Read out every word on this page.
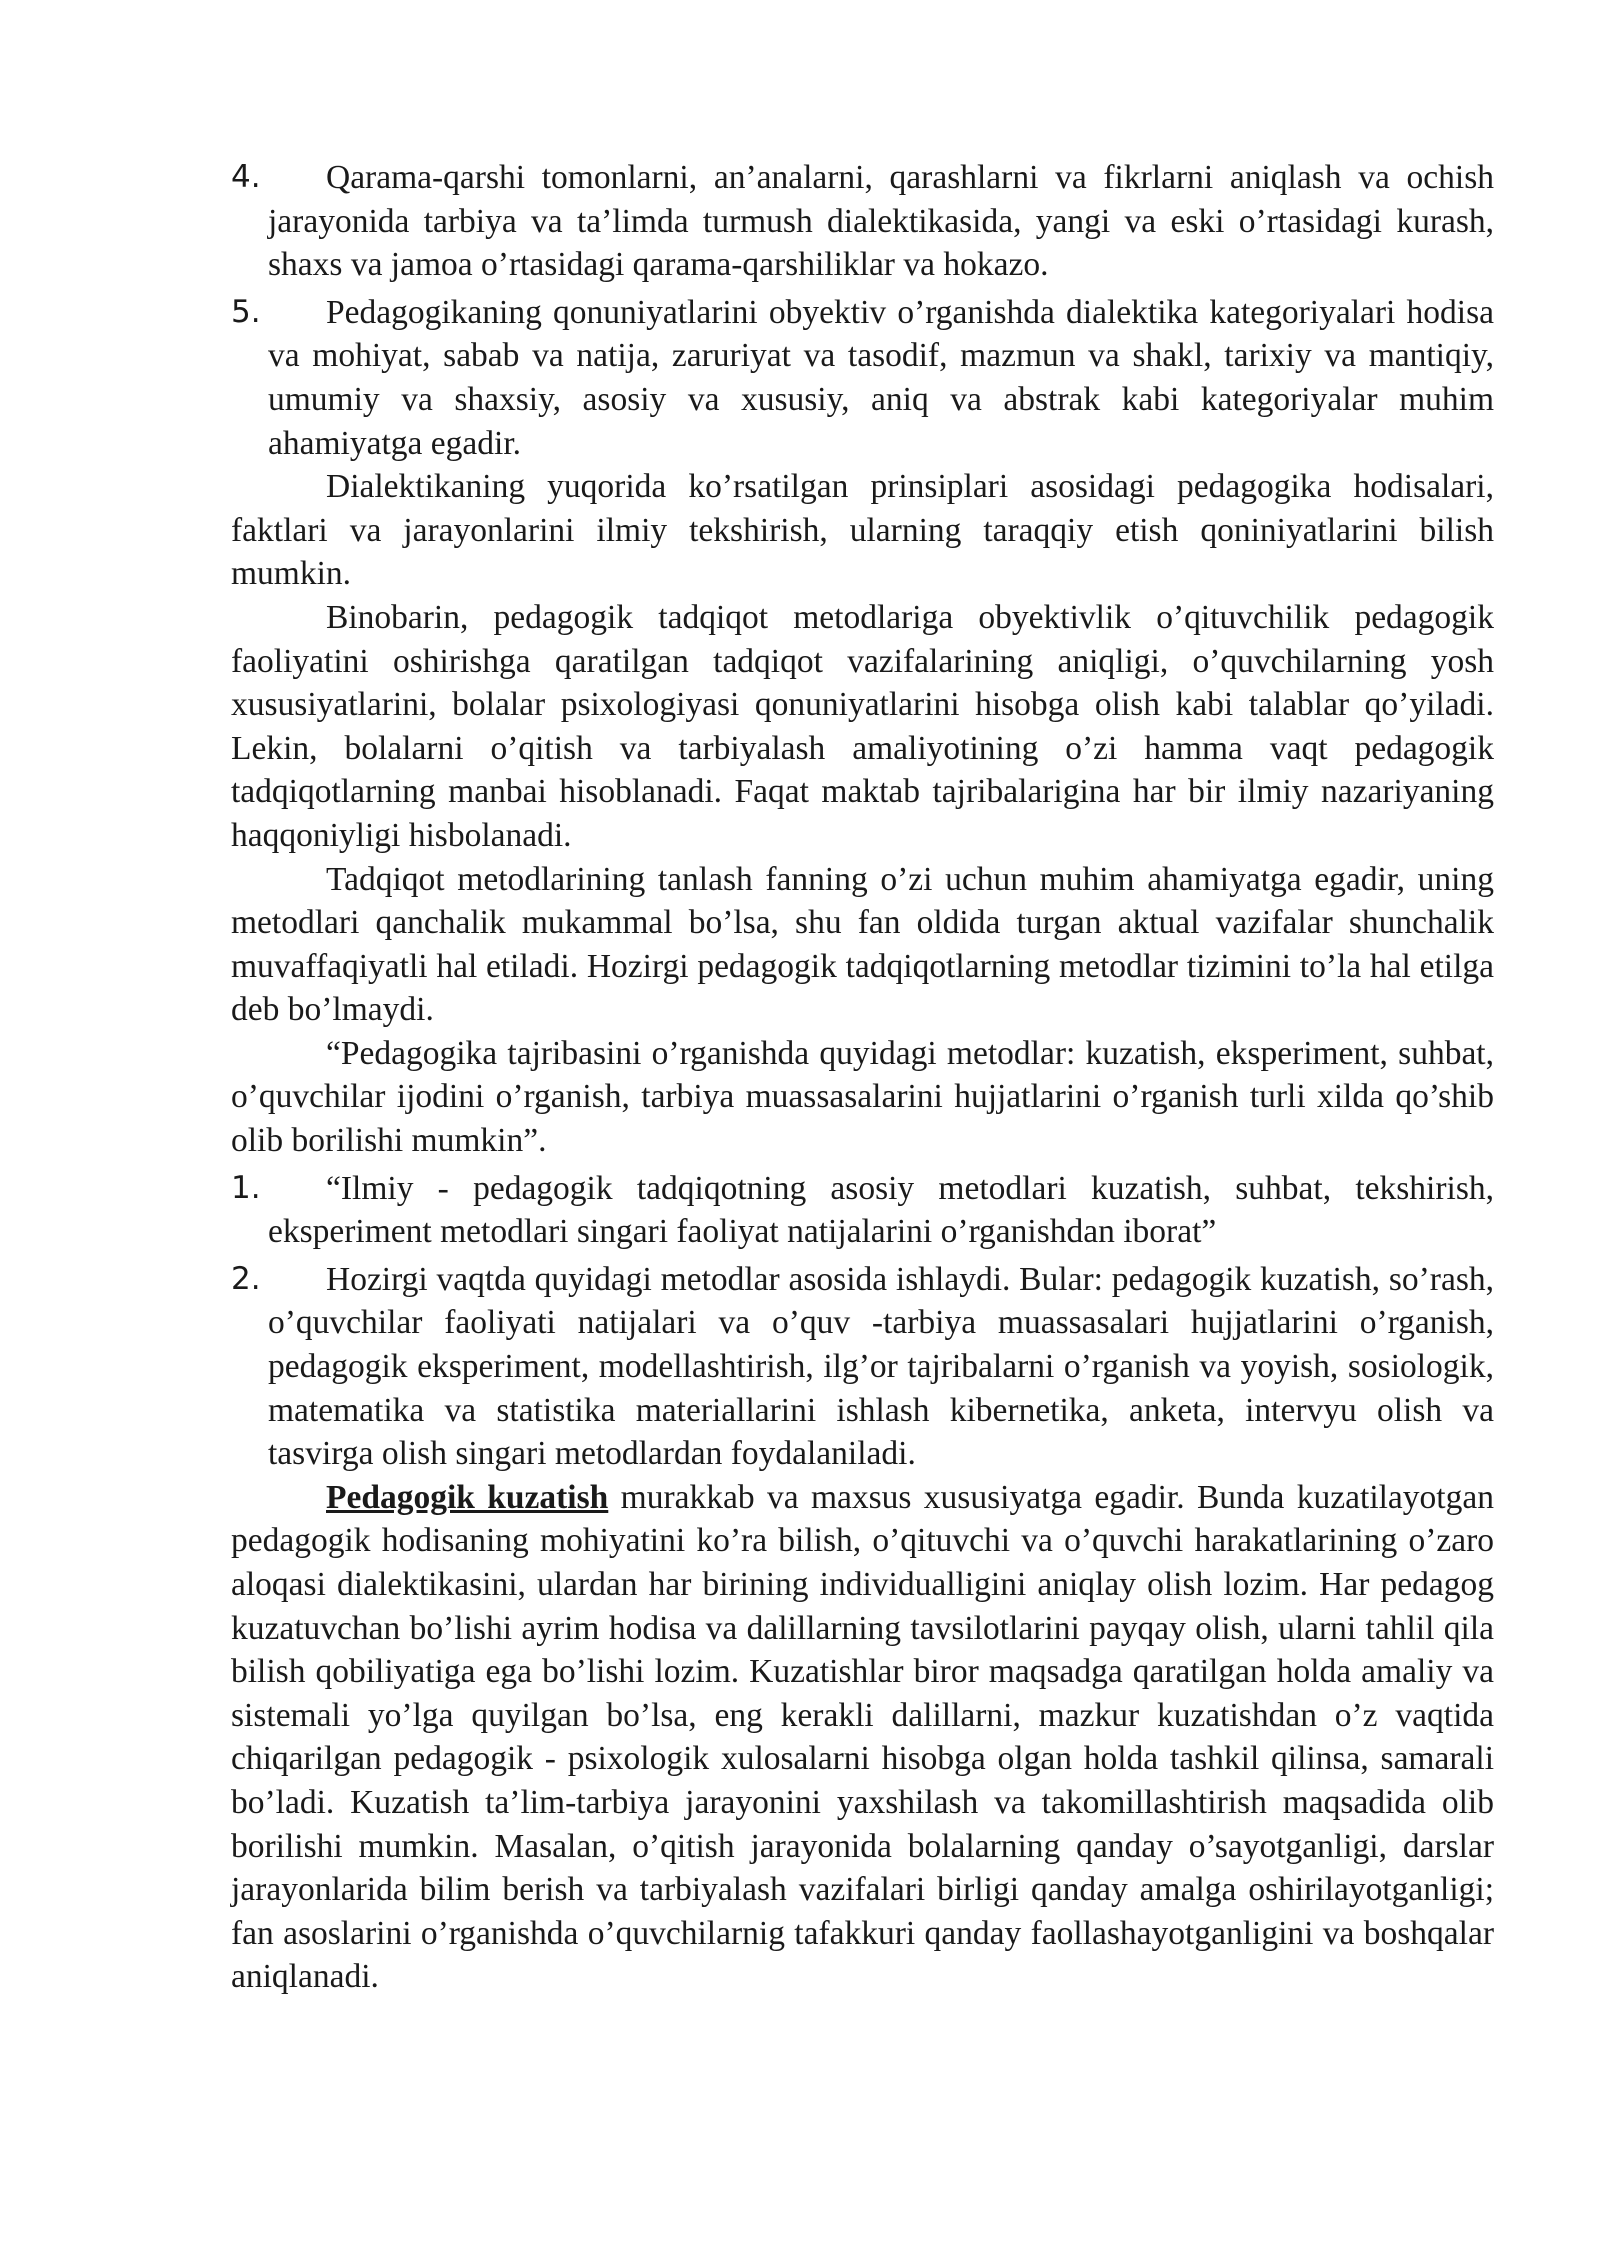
4.	Qarama-qarshi tomonlarni, an’analarni, qarashlarni va fikrlarni aniqlash va ochish jarayonida tarbiya va ta’limda turmush dialektikasida, yangi va eski o’rtasidagi kurash, shaxs va jamoa o’rtasidagi qarama-qarshiliklar va hokazo.

5.	Pedagogikaning qonuniyatlarini obyektiv o’rganishda dialektika kategoriyalari hodisa va mohiyat, sabab va natija, zaruriyat va tasodif, mazmun va shakl, tarixiy va mantiqiy, umumiy va shaxsiy, asosiy va xususiy, aniq va abstrak kabi kategoriyalar muhim ahamiyatga egadir.

Dialektikaning yuqorida ko’rsatilgan prinsiplari asosidagi pedagogika hodisalari, faktlari va jarayonlarini ilmiy tekshirish, ularning taraqqiy etish qoniniyatlarini bilish mumkin.

Binobarin, pedagogik tadqiqot metodlariga obyektivlik o’qituvchilik pedagogik faoliyatini oshirishga qaratilgan tadqiqot vazifalarining aniqligi, o’quvchilarning yosh xususiyatlarini, bolalar psixologiyasi qonuniyatlarini hisobga olish kabi talablar qo’yiladi. Lekin, bolalarni o’qitish va tarbiyalash amaliyotining o’zi hamma vaqt pedagogik tadqiqotlarning manbai hisoblanadi. Faqat maktab tajribalarigina har bir ilmiy nazariyaning haqqoniyligi hisbolanadi.

Tadqiqot metodlarining tanlash fanning o’zi uchun muhim ahamiyatga egadir, uning metodlari qanchalik mukammal bo’lsa, shu fan oldida turgan aktual vazifalar shunchalik muvaffaqiyatli hal etiladi. Hozirgi pedagogik tadqiqotlarning metodlar tizimini to’la hal etilga deb bo’lmaydi.

“Pedagogika tajribasini o’rganishda quyidagi metodlar: kuzatish, eksperiment, suhbat, o’quvchilar ijodini o’rganish, tarbiya muassasalarini hujjatlarini o’rganish turli xilda qo’shib olib borilishi mumkin”.

1.	“Ilmiy - pedagogik tadqiqotning asosiy metodlari kuzatish, suhbat, tekshirish, eksperiment metodlari singari faoliyat natijalarini o’rganishdan iborat”

2.	Hozirgi vaqtda quyidagi metodlar asosida ishlaydi. Bular: pedagogik kuzatish, so’rash, o’quvchilar faoliyati natijalari va o’quv -tarbiya muassasalari hujjatlarini o’rganish, pedagogik eksperiment, modellashtirish, ilg’or tajribalarni o’rganish va yoyish, sosiologik, matematika va statistika materiallarini ishlash kibernetika, anketa, intervyu olish va tasvirga olish singari metodlardan foydalaniladi.

Pedagogik kuzatish murakkab va maxsus xususiyatga egadir. Bunda kuzatilayotgan pedagogik hodisaning mohiyatini ko’ra bilish, o’qituvchi va o’quvchi harakatlarining o’zaro aloqasi dialektikasini, ulardan har birining individualligini aniqlay olish lozim. Har pedagog kuzatuvchan bo’lishi ayrim hodisa va dalillarning tavsilotlarini payqay olish, ularni tahlil qila bilish qobiliyatiga ega bo’lishi lozim. Kuzatishlar biror maqsadga qaratilgan holda amaliy va sistemali yo’lga quyilgan bo’lsa, eng kerakli dalillarni, mazkur kuzatishdan o’z vaqtida chiqarilgan pedagogik - psixologik xulosalarni hisobga olgan holda tashkil qilinsa, samarali bo’ladi. Kuzatish ta’lim-tarbiya jarayonini yaxshilash va takomillashtirish maqsadida olib borilishi mumkin. Masalan, o’qitish jarayonida bolalarning qanday o’sayotganligi, darslar jarayonlarida bilim berish va tarbiyalash vazifalari birligi qanday amalga oshirilayotganligi; fan asoslarini o’rganishda o’quvchilarnig tafakkuri qanday faollashayotganligini va boshqalar aniqlanadi.
